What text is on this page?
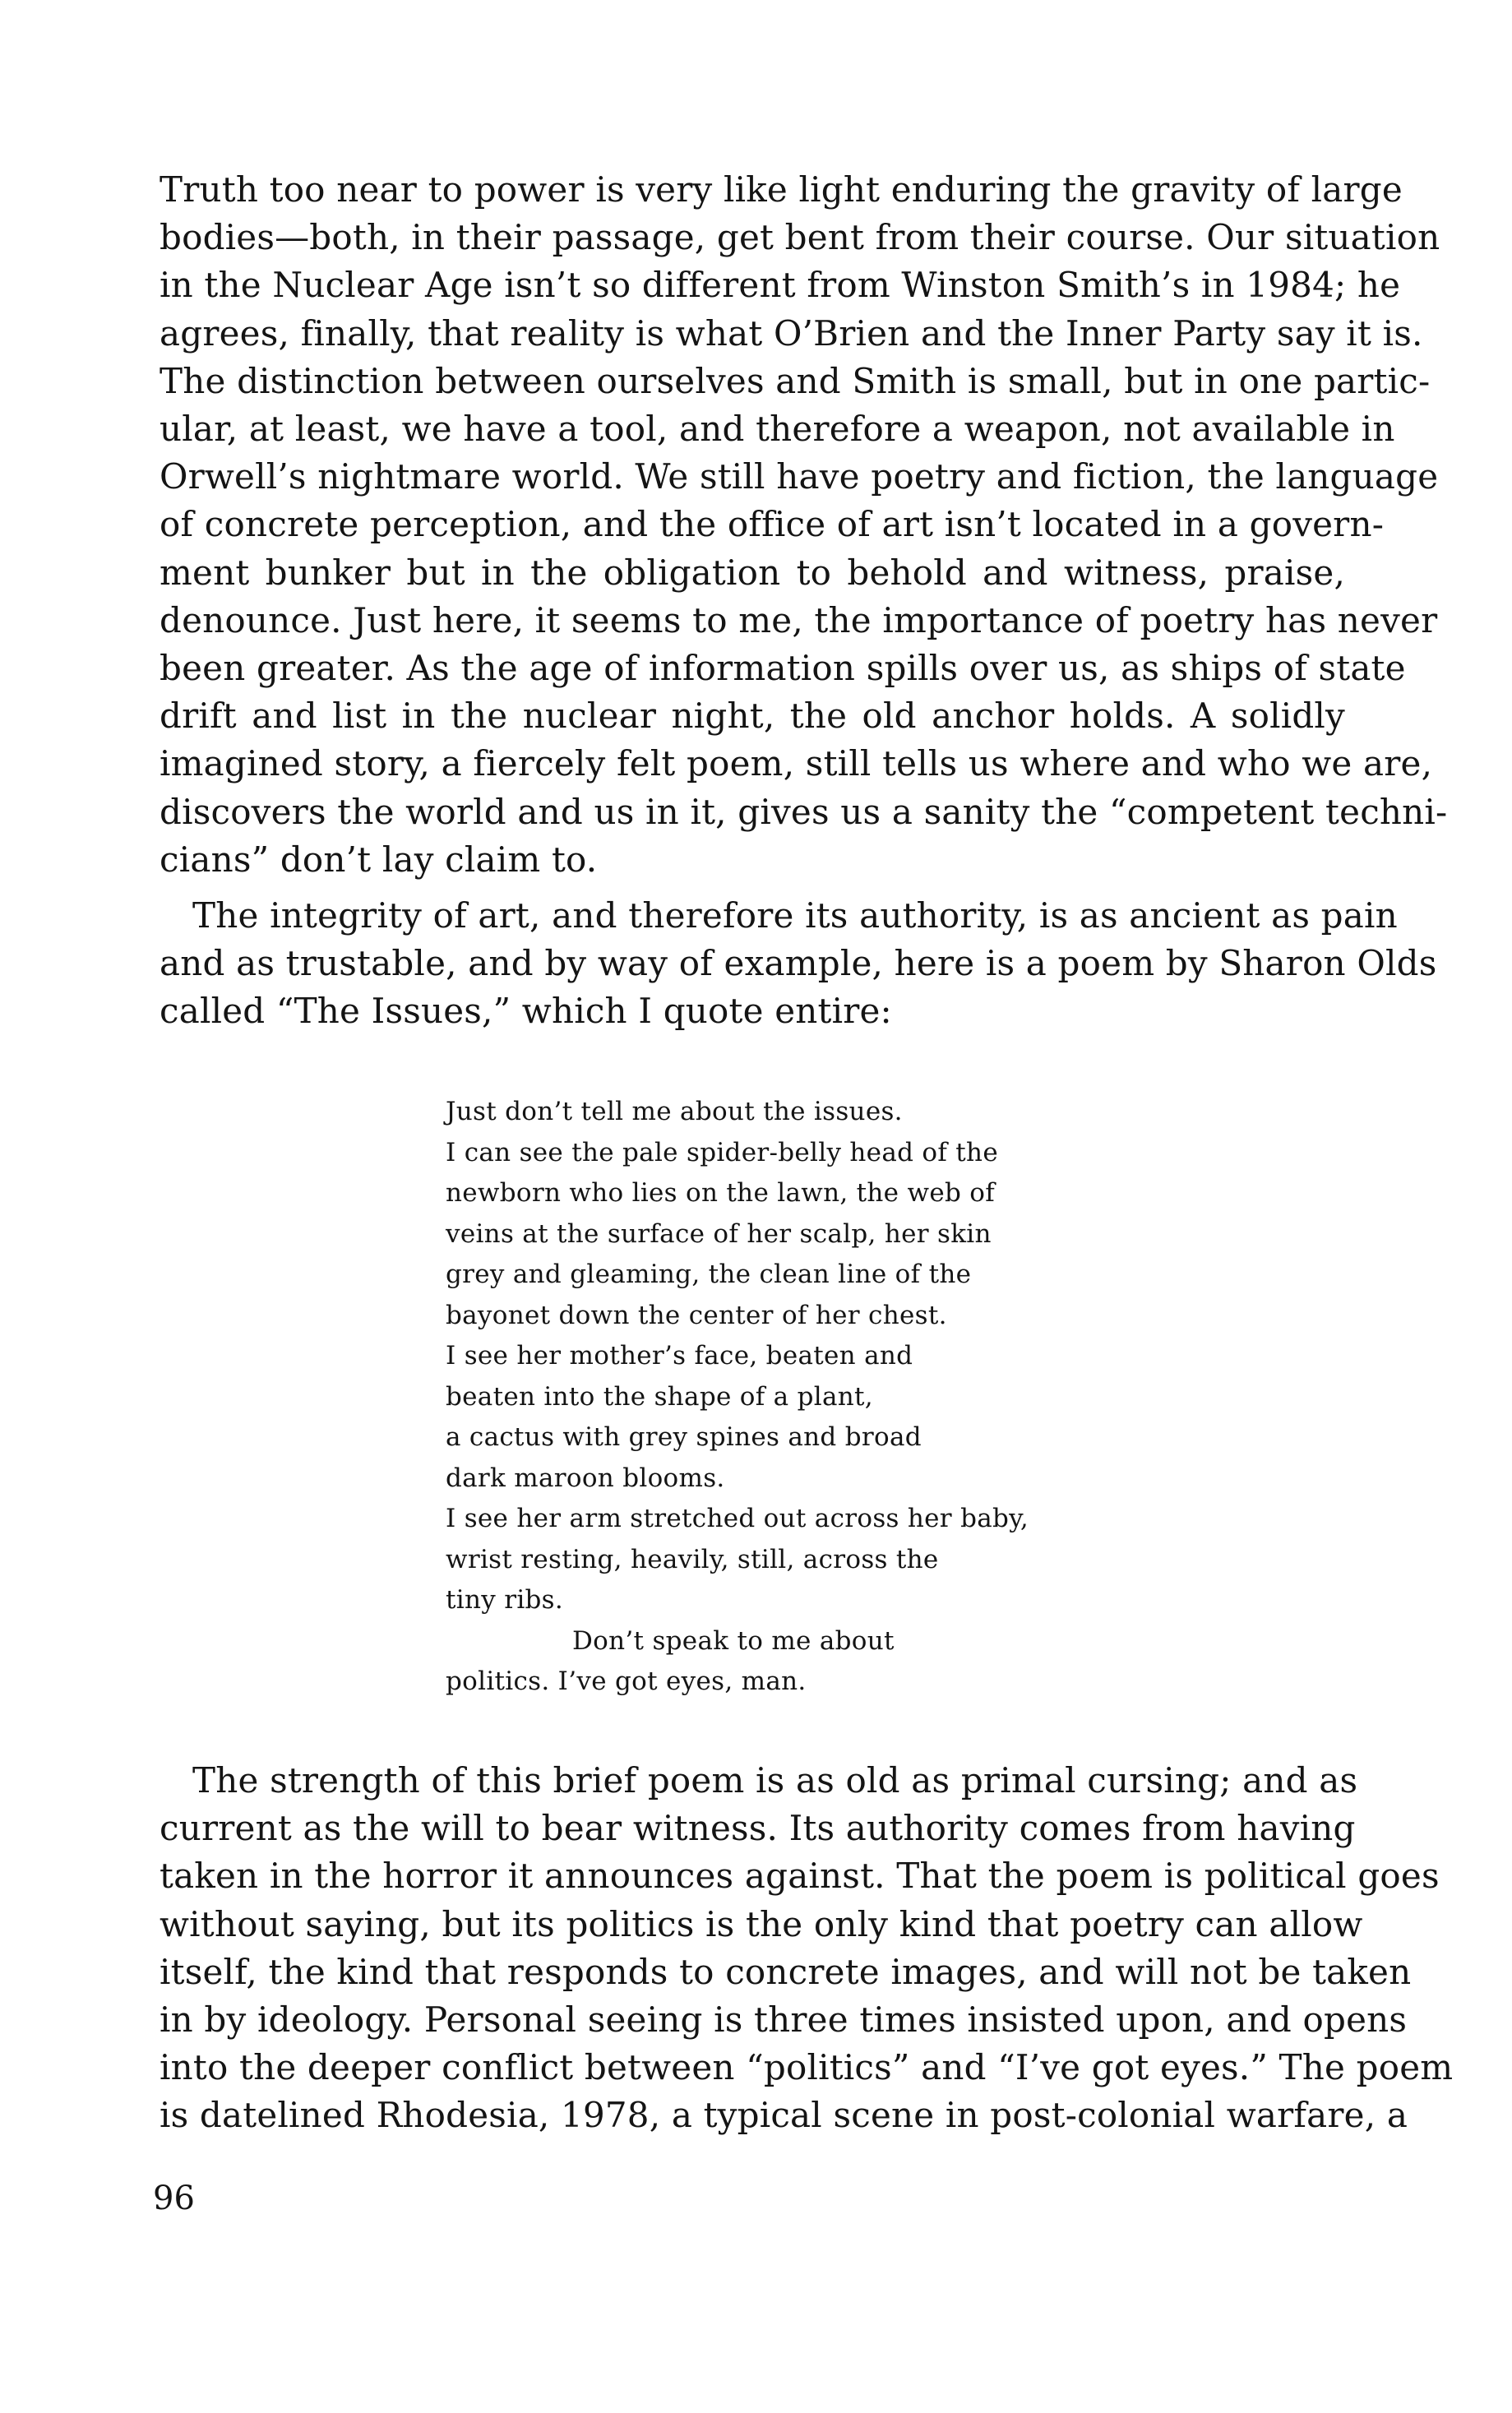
Truth too near to power is very like light enduring the gravity of large
bodies—both, in their passage, get bent from their course. Our situation
in the Nuclear Age isn’t so different from Winston Smith’s in 1984; he
agrees, finally, that reality is what O’Brien and the Inner Party say it is.
The distinction between ourselves and Smith is small, but in one partic-
ular, at least, we have a tool, and therefore a weapon, not available in
Orwell’s nightmare world. We still have poetry and fiction, the language
of concrete perception, and the office of art isn’t located in a govern-
ment bunker but in the obligation to behold and witness, praise,
denounce. Just here, it seems to me, the importance of poetry has never
been greater. As the age of information spills over us, as ships of state
drift and list in the nuclear night, the old anchor holds. A solidly
imagined story, a fiercely felt poem, still tells us where and who we are,
discovers the world and us in it, gives us a sanity the “competent techni-
cians” don’t lay claim to.
The integrity of art, and therefore its authority, is as ancient as pain
and as trustable, and by way of example, here is a poem by Sharon Olds
called “The Issues,” which I quote entire:
Just don’t tell me about the issues.
I can see the pale spider-belly head of the
newborn who lies on the lawn, the web of
veins at the surface of her scalp, her skin
grey and gleaming, the clean line of the
bayonet down the center of her chest.
I see her mother’s face, beaten and
beaten into the shape of a plant,
a cactus with grey spines and broad
dark maroon blooms.
I see her arm stretched out across her baby,
wrist resting, heavily, still, across the
tiny ribs.
Don’t speak to me about
politics. I’ve got eyes, man.
The strength of this brief poem is as old as primal cursing; and as
current as the will to bear witness. Its authority comes from having
taken in the horror it announces against. That the poem is political goes
without saying, but its politics is the only kind that poetry can allow
itself, the kind that responds to concrete images, and will not be taken
in by ideology. Personal seeing is three times insisted upon, and opens
into the deeper conflict between “politics” and “I’ve got eyes.” The poem
is datelined Rhodesia, 1978, a typical scene in post-colonial warfare, a
96
